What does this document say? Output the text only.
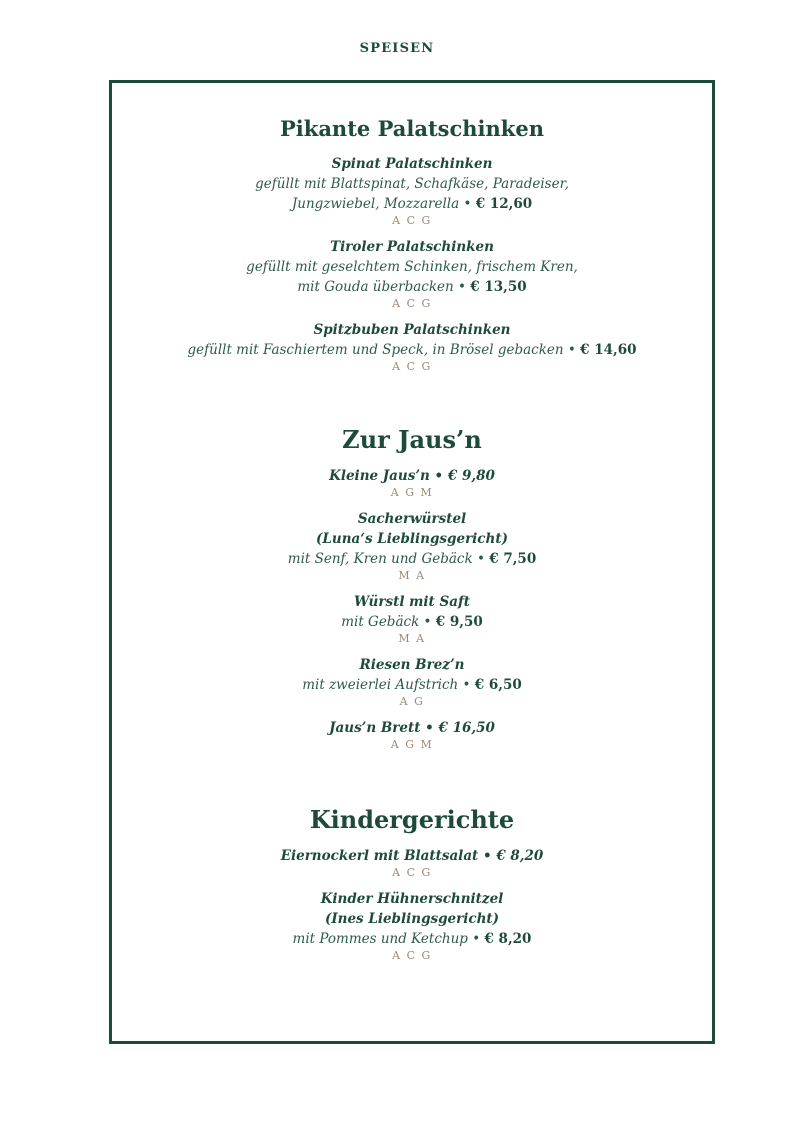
SPEISEN
Pikante Palatschinken
Spinat Palatschinken
gefüllt mit Blattspinat, Schafkäse, Paradeiser,
Jungzwiebel, Mozzarella • € 12,60
A C G
Tiroler Palatschinken
gefüllt mit geselchtem Schinken, frischem Kren,
mit Gouda überbacken • € 13,50
A C G
Spitzbuben Palatschinken
gefüllt mit Faschiertem und Speck, in Brösel gebacken • € 14,60
A C G
Zur Jaus’n
Kleine Jaus’n • € 9,80
A G M
Sacherwürstel
(Luna‘s Lieblingsgericht)
mit Senf, Kren und Gebäck • € 7,50
M A
Würstl mit Saft
mit Gebäck • € 9,50
M A
Riesen Brez’n
mit zweierlei Aufstrich • € 6,50
A G
Jaus’n Brett • € 16,50
A G M
Kindergerichte
Eiernockerl mit Blattsalat • € 8,20
A C G
Kinder Hühnerschnitzel
(Ines Lieblingsgericht)
mit Pommes und Ketchup • € 8,20
A C G
